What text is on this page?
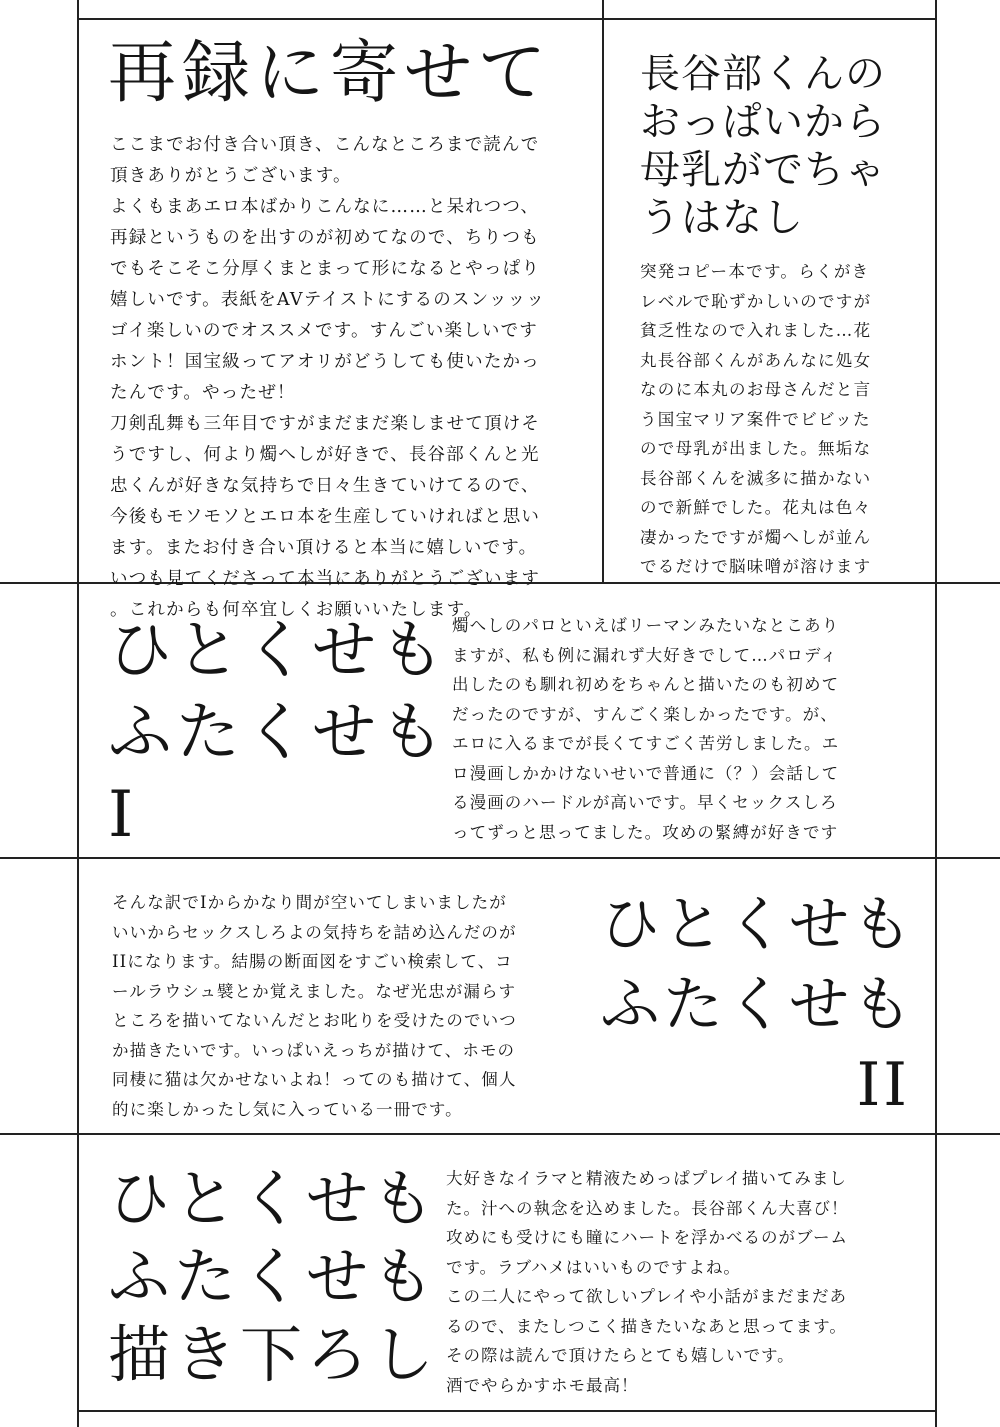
再録に寄せて
ここまでお付き合い頂き、こんなところまで読んで
頂きありがとうございます。
よくもまあエロ本ばかりこんなに……と呆れつつ、
再録というものを出すのが初めてなので、ちりつも
でもそこそこ分厚くまとまって形になるとやっぱり
嬉しいです。表紙をAVテイストにするのスンッッッ
ゴイ楽しいのでオススメです。すんごい楽しいです
ホント！国宝級ってアオリがどうしても使いたかっ
たんです。やったぜ！
刀剣乱舞も三年目ですがまだまだ楽しませて頂けそ
うですし、何より燭へしが好きで、長谷部くんと光
忠くんが好きな気持ちで日々生きていけてるので、
今後もモソモソとエロ本を生産していければと思い
ます。またお付き合い頂けると本当に嬉しいです。
いつも見てくださって本当にありがとうございます
。これからも何卒宜しくお願いいたします。
長谷部くんの
おっぱいから
母乳がでちゃ
うはなし
突発コピー本です。らくがき
レベルで恥ずかしいのですが
貧乏性なので入れました…花
丸長谷部くんがあんなに処女
なのに本丸のお母さんだと言
う国宝マリア案件でビビッた
ので母乳が出ました。無垢な
長谷部くんを滅多に描かない
ので新鮮でした。花丸は色々
凄かったですが燭へしが並ん
でるだけで脳味噌が溶けます
ひとくせも
ふたくせも
I
燭へしのパロといえばリーマンみたいなとこあり
ますが、私も例に漏れず大好きでして…パロディ
出したのも馴れ初めをちゃんと描いたのも初めて
だったのですが、すんごく楽しかったです。が、
エロに入るまでが長くてすごく苦労しました。エ
ロ漫画しかかけないせいで普通に（？）会話して
る漫画のハードルが高いです。早くセックスしろ
ってずっと思ってました。攻めの緊縛が好きです
そんな訳でIからかなり間が空いてしまいましたが
いいからセックスしろよの気持ちを詰め込んだのが
IIになります。結腸の断面図をすごい検索して、コ
ールラウシュ襞とか覚えました。なぜ光忠が漏らす
ところを描いてないんだとお叱りを受けたのでいつ
か描きたいです。いっぱいえっちが描けて、ホモの
同棲に猫は欠かせないよね！ってのも描けて、個人
的に楽しかったし気に入っている一冊です。
ひとくせも
ふたくせも
II
ひとくせも
ふたくせも
描き下ろし
大好きなイラマと精液ためっぱプレイ描いてみまし
た。汁への執念を込めました。長谷部くん大喜び！
攻めにも受けにも瞳にハートを浮かべるのがブーム
です。ラブハメはいいものですよね。
この二人にやって欲しいプレイや小話がまだまだあ
るので、またしつこく描きたいなあと思ってます。
その際は読んで頂けたらとても嬉しいです。
酒でやらかすホモ最高！
